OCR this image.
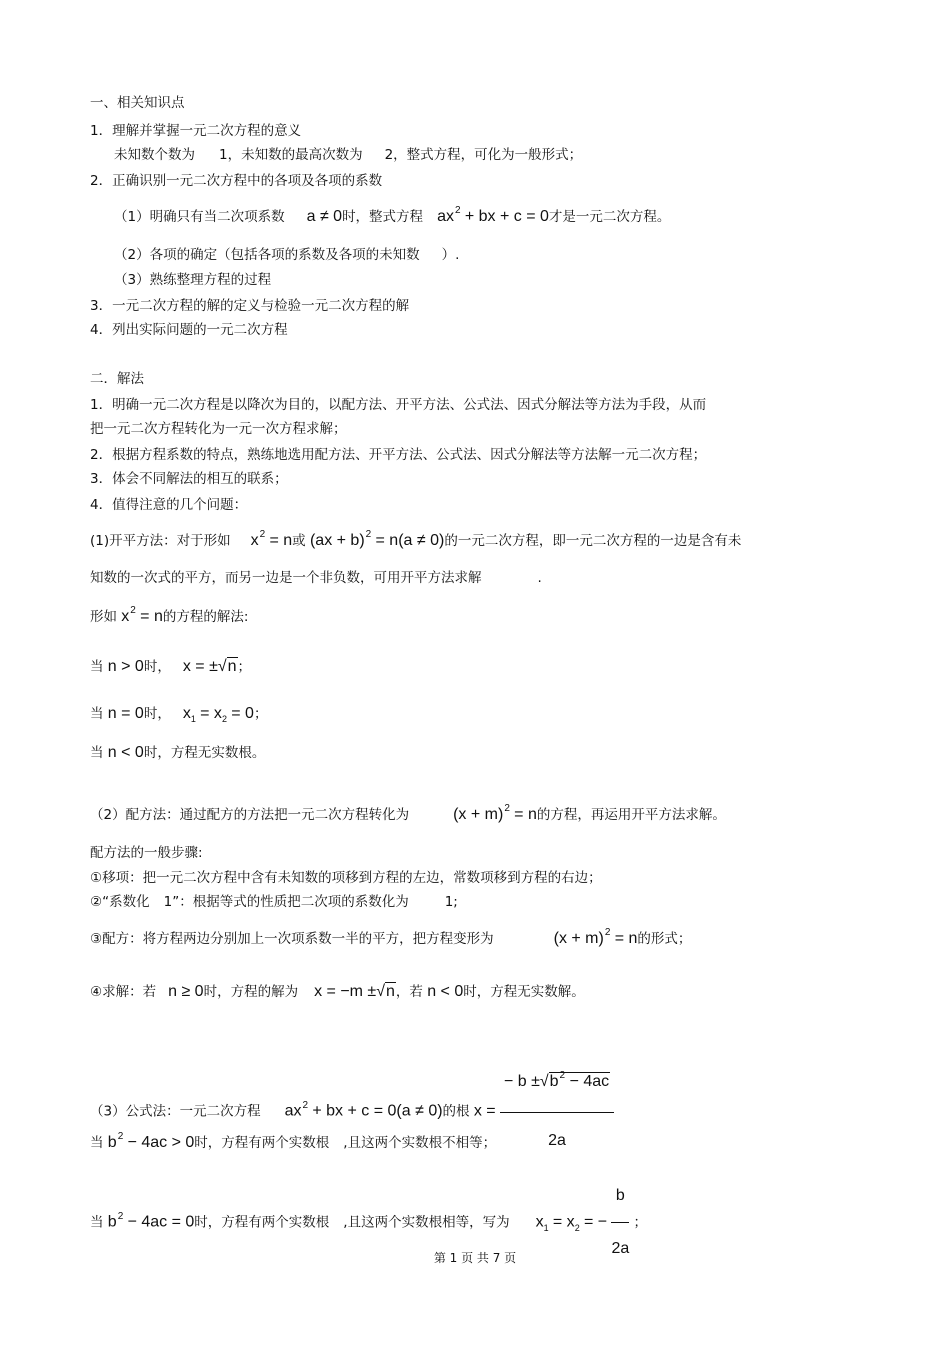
一、相关知识点
1．理解并掌握一元二次方程的意义
未知数个数为 1，未知数的最高次数为 2，整式方程，可化为一般形式；
2．正确识别一元二次方程中的各项及各项的系数
（1）明确只有当二次项系数 a ≠ 0时，整式方程 $ax^2$ + bx + c = 0才是一元二次方程。
（2）各项的确定（包括各项的系数及各项的未知数 ）.
（3）熟练整理方程的过程
3．一元二次方程的解的定义与检验一元二次方程的解
4．列出实际问题的一元二次方程
二．解法
1．明确一元二次方程是以降次为目的，以配方法、开平方法、公式法、因式分解法等方法为手段，从而
把一元二次方程转化为一元一次方程求解；
2．根据方程系数的特点，熟练地选用配方法、开平方法、公式法、因式分解法等方法解一元二次方程；
3．体会不同解法的相互的联系；
4．值得注意的几个问题：
(1)开平方法：对于形如 $x^2 = n$或 (ax + b)$^2$ = n(a ≠ 0)的一元二次方程，即一元二次方程的一边是含有未
知数的一次式的平方，而另一边是一个非负数，可用开平方法求解	.
形如 $x^2 = n$的方程的解法:
当 n > 0时， x = ±√n；
当 n = 0时， $x_1 = x_2 = 0$；
当 n < 0时，方程无实数根。
（2）配方法：通过配方的方法把一元二次方程转化为	$(x + m)^2 = n$的方程，再运用开平方法求解。
配方法的一般步骤:
①移项：把一元二次方程中含有未知数的项移到方程的左边，常数项移到方程的右边；
②“系数化 1”：根据等式的性质把二次项的系数化为	1;
③配方：将方程两边分别加上一次项系数一半的平方，把方程变形为	$(x + m)^2 = n$的形式；
④求解：若 n ≥ 0时，方程的解为 x = −m ±√n，若 n < 0时，方程无实数解。
（3）公式法：一元二次方程 $ax^2$ + bx + c = 0(a ≠ 0)的根 $x = \frac{- b \pm√b^2 - 4ac}{2a}$
当 $b^2 - 4ac > 0$时，方程有两个实数根 ,且这两个实数根不相等；
当 $b^2 - 4ac = 0$时，方程有两个实数根 ,且这两个实数根相等，写为 $x_1 = x_2$ = − $\frac{b}{2a}$ ；
第 1 页 共 7 页
